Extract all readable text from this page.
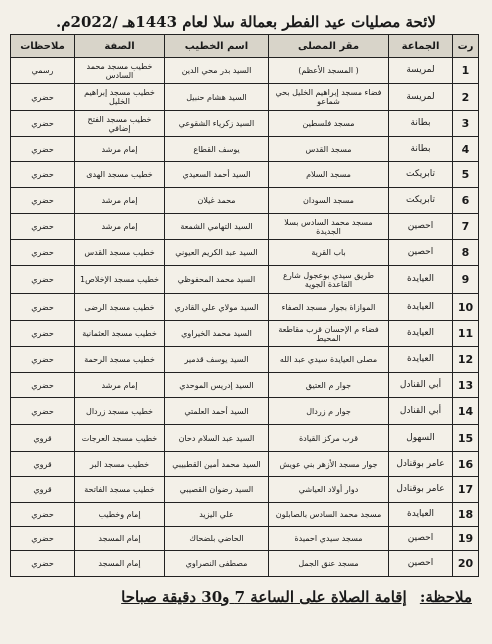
لائحة مصليات عيد الفطر بعمالة سلا لعام 1443هـ /2022م.
رت	الجماعة	مقر المصلى	اسم الخطيب	الصفة	ملاحظات
1	لمريسة	( المسجد الأعظم)	السيد بدر محي الدين	خطيب مسجد محمد السادس	رسمي
2	لمريسة	فضاء مسجد إبراهيم الخليل بحي شماعو	السيد هشام حنبيل	خطيب مسجد إبراهيم الخليل	حضري
3	بطانة	مسجد فلسطين	السيد زكرياء الشقوعي	خطيب مسجد الفتح إضافي	حضري
4	بطانة	مسجد القدس	يوسف القطاع	إمام مرشد	حضري
5	تابريكت	مسجد السلام	السيد أحمد السعيدي	خطيب مسجد الهدى	حضري
6	تابريكت	مسجد السودان	محمد غيلان	إمام مرشد	حضري
7	احصين	مسجد محمد السادس بسلا الجديدة	السيد التهامي الشمعة	إمام مرشد	حضري
8	احصين	باب القرية	السيد عبد الكريم العيوني	خطيب مسجد القدس	حضري
9	العيايدة	طريق سيدي بوعجول شارع القاعدة الجوية	السيد محمد المحفوظي	خطيب مسجد الإخلاص1	حضري
10	العيايدة	الموازاة بجوار مسجد الصفاء	السيد مولاي علي القادري	خطيب مسجد الرضى	حضري
11	العيايدة	فضاء م الإحسان قرب مقاطعة المحيط	السيد محمد الخيراوي	خطيب مسجد العثمانية	حضري
12	العيايدة	مصلى العيايدة سيدي عبد الله	السيد يوسف قدمير	خطيب مسجد الرحمة	حضري
13	أبي القنادل	جوار م العتيق	السيد إدريس الموحدي	إمام مرشد	حضري
14	أبي القنادل	جوار م زردال	السيد أحمد العلمتي	خطيب مسجد زردال	حضري
15	السهول	قرب مركز القيادة	السيد عبد السلام دحان	خطيب مسجد العرجات	قروي
16	عامر بوقنادل	جوار مسجد الأزهر بني عويش	السيد محمد أمين القطبيبي	خطيب مسجد البر	قروي
17	عامر بوقنادل	دوار أولاد العياشي	السيد رضوان القصيبي	خطيب مسجد الفاتحة	قروي
18	العيايدة	مسجد محمد السادس بالصابلون	علي اليزيد	إمام وخطيب	حضري
19	احصين	مسجد سيدي احميدة	الحاضي بلضحاك	إمام المسجد	حضري
20	احصين	مسجد عنق الجمل	مصطفى النصراوي	إمام المسجد	حضري
ملاحظة: إقامة الصلاة على الساعة 7 و30 دقيقة صباحا
